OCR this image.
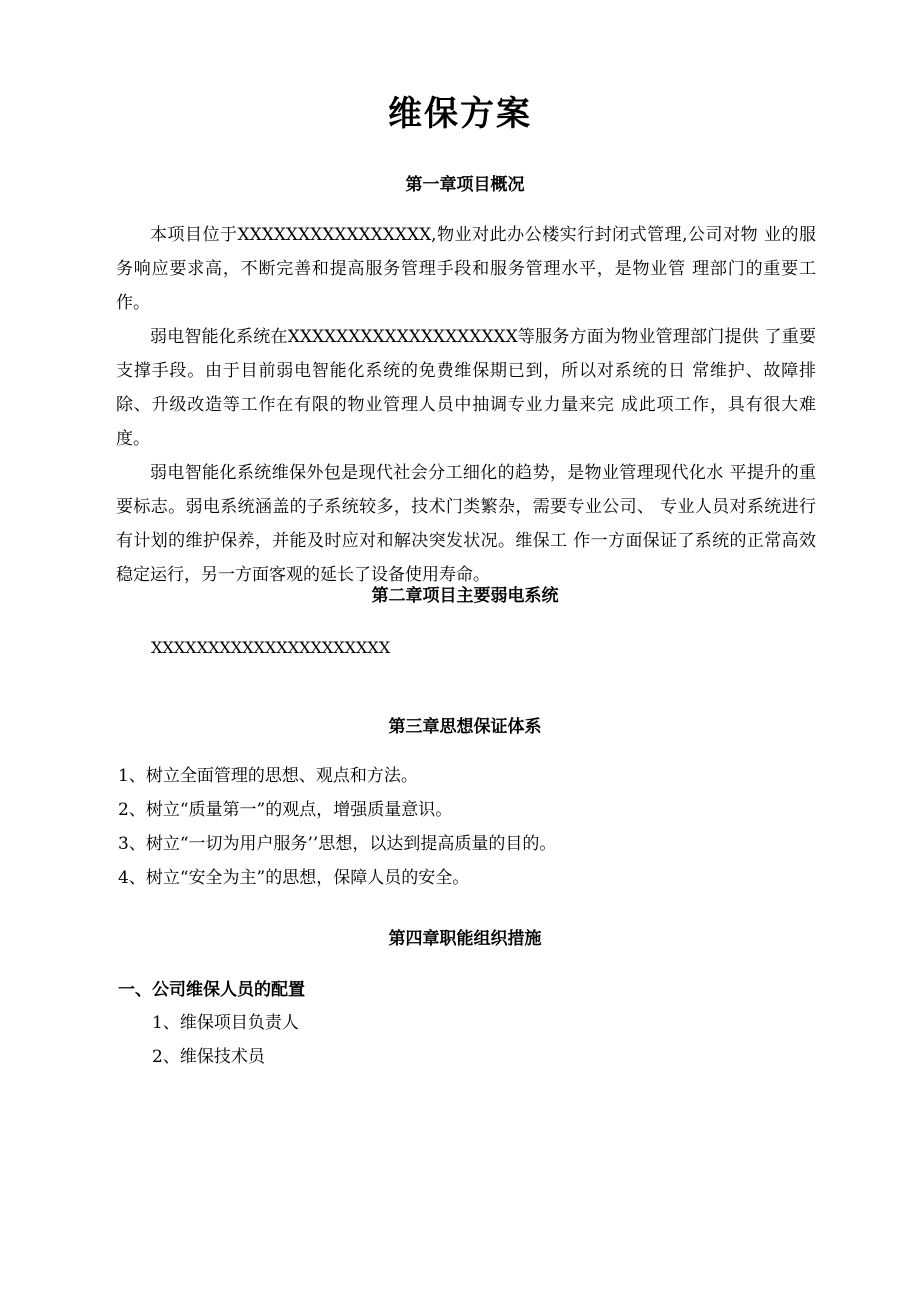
维保方案
第一章项目概况

本项目位于XXXXXXXXXXXXXXXX,物业对此办公楼实行封闭式管理,公司对物 业的服务响应要求高，不断完善和提高服务管理手段和服务管理水平，是物业管 理部门的重要工作。

弱电智能化系统在XXXXXXXXXXXXXXXXXXX等服务方面为物业管理部门提供 了重要支撑手段。由于目前弱电智能化系统的免费维保期已到，所以对系统的日 常维护、故障排除、升级改造等工作在有限的物业管理人员中抽调专业力量来完 成此项工作，具有很大难度。

弱电智能化系统维保外包是现代社会分工细化的趋势，是物业管理现代化水 平提升的重要标志。弱电系统涵盖的子系统较多，技术门类繁杂，需要专业公司、 专业人员对系统进行有计划的维护保养，并能及时应对和解决突发状况。维保工 作一方面保证了系统的正常高效稳定运行，另一方面客观的延长了设备使用寿命。

第二章项目主要弱电系统
XXXXXXXXXXXXXXXXXXXXX
第三章思想保证体系
1、树立全面管理的思想、观点和方法。
2、树立“质量第一”的观点，增强质量意识。
3、树立“一切为用户服务’’思想，以达到提高质量的目的。
4、树立“安全为主”的思想，保障人员的安全。
第四章职能组织措施
一、公司维保人员的配置
1、维保项目负责人
2、维保技术员
